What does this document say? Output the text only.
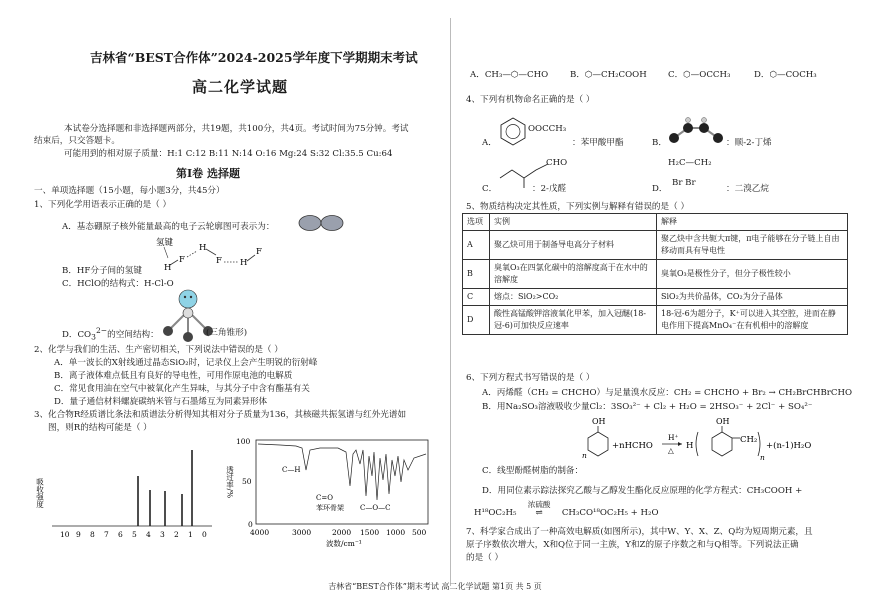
吉林省“BEST合作体”2024-2025学年度下学期期末考试
高二化学试题
本试卷分选择题和非选择题两部分，共19题，共100分，共4页。考试时间为75分钟。考试
结束后，只交答题卡。
可能用到的相对原子质量：H:1 C:12 B:11 N:14 O:16 Mg:24 S:32 Cl:35.5 Cu:64
第Ⅰ卷 选择题
一、单项选择题（15小题，每小题3分，共45分）
1、下列化学用语表示正确的是（ ）
A．基态硼原子核外能量最高的电子云轮廓图可表示为：
氢键
H
F
H
F H
F
B．HF分子间的氢键
C．HClO的结构式：H-Cl-O
D．$CO_3^{2-}$的空间结构：	(三角锥形)
2、化学与我们的生活、生产密切相关，下列说法中错误的是（ ）
A．单一波长的X射线通过晶态SiO₂时，记录仪上会产生明锐的衍射峰
B．离子液体难点低且有良好的导电性，可用作原电池的电解质
C．常见食用油在空气中被氧化产生异味，与其分子中含有酯基有关
D．量子通信材料螺旋碳纳米管与石墨烯互为同素异形体
3、化合物R经质谱比条法和质谱法分析得知其相对分子质量为136，其核磁共振氢谱与红外光谱如
图，则R的结构可能是（ ）
吸收强度
10 9 8 7 6 5 4 3 2 1 0
透过率/%
100
50
0
C—H
C=O
苯环骨架 C—O—C
4000	3000	2000 1500 1000 500
波数/cm⁻¹
A．CH₃—⬡—CHO	B．⬡—CH₂COOH C．⬡—OCCH₃	D．⬡—COCH₃
4、下列有机物命名正确的是（ ）
A．
OOCCH₃
：苯甲酸甲酯	B．	：顺-2-丁烯
C．
CHO
：2-戊醛	D．
H₂C—CH₂
Br Br
：二溴乙烷
5、物质结构决定其性质，下列实例与解释有错误的是（ ）
选项	实例	解释
A	聚乙炔可用于制备导电高分子材料	聚乙炔中含共轭大π键，π电子能够在分子链上自由移动而具有导电性
B	臭氧O₃在四氯化碳中的溶解度高于在水中的溶解度	臭氧O₃是极性分子，但分子极性较小
C	熔点：SiO₂>CO₂	SiO₂为共价晶体，CO₂为分子晶体
D	酸性高锰酸钾溶液氧化甲苯，加入冠醚(18-冠-6)可加快反应速率	18-冠-6为超分子，K⁺可以进入其空腔，进而在静电作用下提高MnO₄⁻在有机相中的溶解度
6、下列方程式书写错误的是（ ）
A．丙烯醛（CH₂ = CHCHO）与足量溴水反应：CH₂ = CHCHO + Br₂ → CH₂BrCHBrCHO
B．用Na₂SO₃溶液吸收少量Cl₂：3SO₃²⁻ + Cl₂ + H₂O = 2HSO₃⁻ + 2Cl⁻ + SO₄²⁻
OH
n
+nHCHO
H⁺
△ H
OH
CH₂
n
+(n-1)H₂O
C．线型酚醛树脂的制备：
D．用同位素示踪法探究乙酸与乙醇发生酯化反应原理的化学方程式：CH₃COOH +
H¹⁸OC₂H₅
浓硫酸
⇌ CH₃CO¹⁸OC₂H₅ + H₂O
7、科学家合成出了一种高效电解质(如图所示)，其中W、Y、X、Z、Q均为短周期元素，且
原子序数依次增大，X和Q位于同一主族，Y和Z的原子序数之和与Q相等。下列说法正确
的是（ ）
吉林省“BEST合作体”期末考试 高二化学试题 第1页 共 5 页
